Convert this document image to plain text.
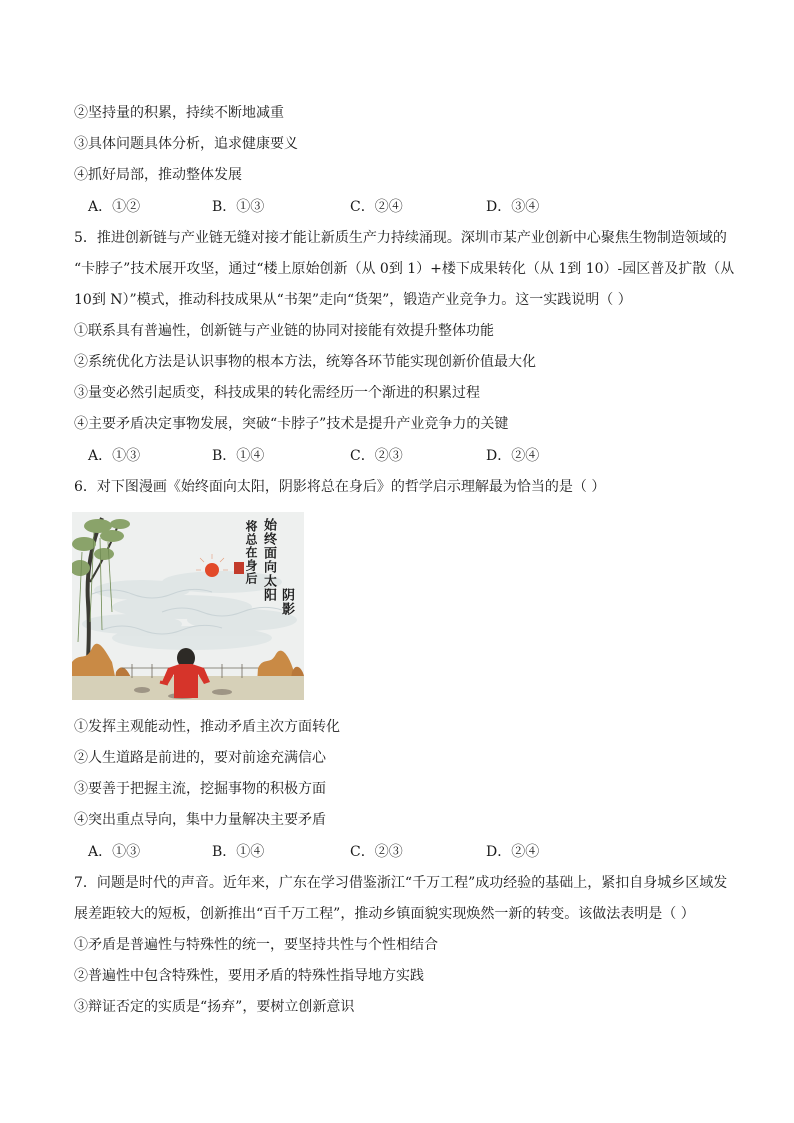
②坚持量的积累，持续不断地减重
③具体问题具体分析，追求健康要义
④抓好局部，推动整体发展
A．①②	B．①③	C．②④	D．③④
5．推进创新链与产业链无缝对接才能让新质生产力持续涌现。深圳市某产业创新中心聚焦生物制造领域的
“卡脖子”技术展开攻坚，通过“楼上原始创新（从 0到 1）+楼下成果转化（从 1到 10）-园区普及扩散（从
10到 N）”模式，推动科技成果从“书架”走向“货架”，锻造产业竞争力。这一实践说明（ ）
①联系具有普遍性，创新链与产业链的协同对接能有效提升整体功能
②系统优化方法是认识事物的根本方法，统筹各环节能实现创新价值最大化
③量变必然引起质变，科技成果的转化需经历一个渐进的积累过程
④主要矛盾决定事物发展，突破“卡脖子”技术是提升产业竞争力的关键
A．①③	B．①④	C．②③	D．②④
6．对下图漫画《始终面向太阳，阴影将总在身后》的哲学启示理解最为恰当的是（ ）
始终面向太阳 阴影
将总在身后
①发挥主观能动性，推动矛盾主次方面转化
②人生道路是前进的，要对前途充满信心
③要善于把握主流，挖掘事物的积极方面
④突出重点导向，集中力量解决主要矛盾
A．①③	B．①④	C．②③	D．②④
7．问题是时代的声音。近年来，广东在学习借鉴浙江“千万工程”成功经验的基础上，紧扣自身城乡区域发
展差距较大的短板，创新推出“百千万工程”，推动乡镇面貌实现焕然一新的转变。该做法表明是（ ）
①矛盾是普遍性与特殊性的统一，要坚持共性与个性相结合
②普遍性中包含特殊性，要用矛盾的特殊性指导地方实践
③辩证否定的实质是“扬弃”，要树立创新意识
